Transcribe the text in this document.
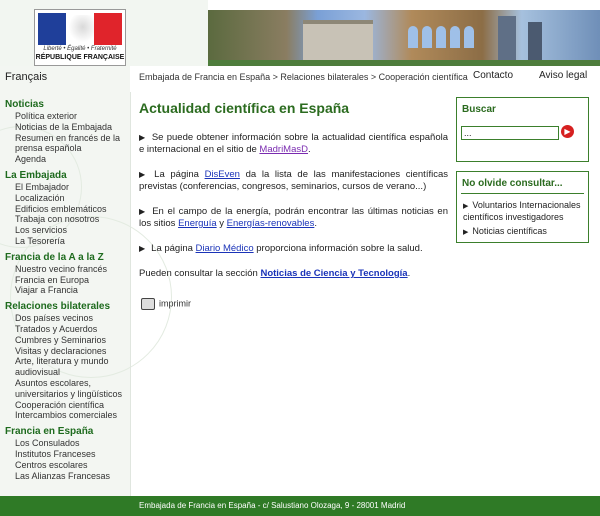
Liberté • Égalité • Fraternité
RÉPUBLIQUE FRANÇAISE
Français	Embajada de Francia en España > Relaciones bilaterales > Cooperación científica Contacto	Aviso legal
Noticias
Política exterior
Noticias de la Embajada
Resumen en francés de la
prensa española
Agenda
La Embajada
El Embajador
Localización
Edificios emblemáticos
Trabaja con nosotros
Los servicios
La Tesorería
Francia de la A a la Z
Nuestro vecino francés
Francia en Europa
Viajar a Francia
Relaciones bilaterales
Dos países vecinos
Tratados y Acuerdos
Cumbres y Seminarios
Visitas y declaraciones
Arte, literatura y mundo
audiovisual
Asuntos escolares,
universitarios y lingüísticos
Cooperación científica
Intercambios comerciales
Francia en España
Los Consulados
Institutos Franceses
Centros escolares
Las Alianzas Francesas
Actualidad científica en España
▶ Se puede obtener información sobre la actualidad científica española e internacional en el sitio de MadriMasD.
▶ La página DisEven da la lista de las manifestaciones científicas previstas (conferencias, congresos, seminarios, cursos de verano...)
▶ En el campo de la energía, podrán encontrar las últimas noticias en los sitios Energuía y Energías-renovables.
▶ La página Diario Médico proporciona información sobre la salud.
Pueden consultar la sección Noticias de Ciencia y Tecnología.
imprimir
Buscar
...	▶
No olvide consultar...
▶ Voluntarios Internacionales científicos investigadores
▶ Noticias científicas
Embajada de Francia en España - c/ Salustiano Olozaga, 9 - 28001 Madrid
